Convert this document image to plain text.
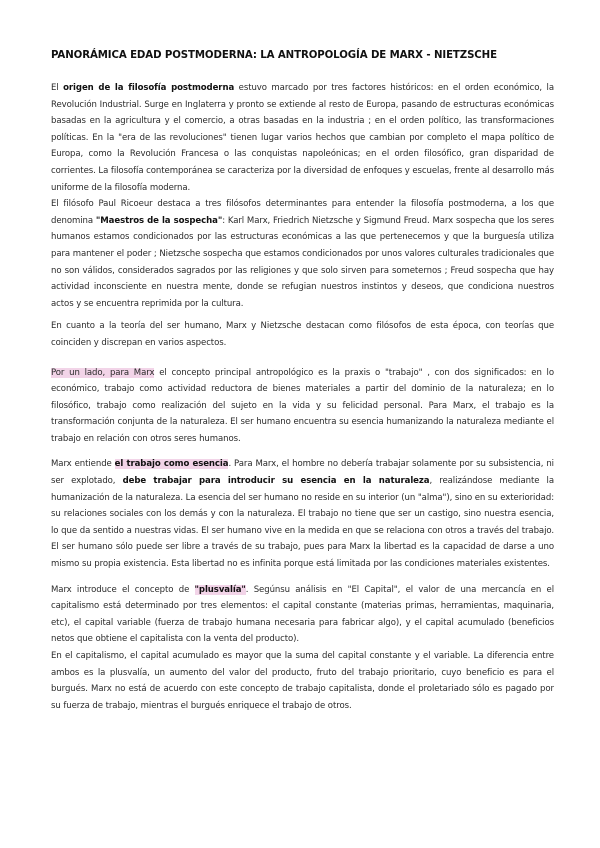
PANORÁMICA EDAD POSTMODERNA: LA ANTROPOLOGÍA DE MARX - NIETZSCHE

El origen de la filosofía postmoderna estuvo marcado por tres factores históricos: en el orden económico, la Revolución Industrial. Surge en Inglaterra y pronto se extiende al resto de Europa, pasando de estructuras económicas basadas en la agricultura y el comercio, a otras basadas en la industria ; en el orden político, las transformaciones políticas. En la "era de las revoluciones" tienen lugar varios hechos que cambian por completo el mapa político de Europa, como la Revolución Francesa o las conquistas napoleónicas; en el orden filosófico, gran disparidad de corrientes. La filosofía contemporánea se caracteriza por la diversidad de enfoques y escuelas, frente al desarrollo más uniforme de la filosofía moderna.

El filósofo Paul Ricoeur destaca a tres filósofos determinantes para entender la filosofía postmoderna, a los que denomina "Maestros de la sospecha": Karl Marx, Friedrich Nietzsche y Sigmund Freud. Marx sospecha que los seres humanos estamos condicionados por las estructuras económicas a las que pertenecemos y que la burguesía utiliza para mantener el poder ; Nietzsche sospecha que estamos condicionados por unos valores culturales tradicionales que no son válidos, considerados sagrados por las religiones y que solo sirven para someternos ; Freud sospecha que hay actividad inconsciente en nuestra mente, donde se refugian nuestros instintos y deseos, que condiciona nuestros actos y se encuentra reprimida por la cultura.

En cuanto a la teoría del ser humano, Marx y Nietzsche destacan como filósofos de esta época, con teorías que coinciden y discrepan en varios aspectos.

Por un lado, para Marx el concepto principal antropológico es la praxis o "trabajo" , con dos significados: en lo económico, trabajo como actividad reductora de bienes materiales a partir del dominio de la naturaleza; en lo filosófico, trabajo como realización del sujeto en la vida y su felicidad personal. Para Marx, el trabajo es la transformación conjunta de la naturaleza. El ser humano encuentra su esencia humanizando la naturaleza mediante el trabajo en relación con otros seres humanos.

Marx entiende el trabajo como esencia. Para Marx, el hombre no debería trabajar solamente por su subsistencia, ni ser explotado, debe trabajar para introducir su esencia en la naturaleza, realizándose mediante la humanización de la naturaleza. La esencia del ser humano no reside en su interior (un "alma"), sino en su exterioridad: su relaciones sociales con los demás y con la naturaleza. El trabajo no tiene que ser un castigo, sino nuestra esencia, lo que da sentido a nuestras vidas. El ser humano vive en la medida en que se relaciona con otros a través del trabajo. El ser humano sólo puede ser libre a través de su trabajo, pues para Marx la libertad es la capacidad de darse a uno mismo su propia existencia. Esta libertad no es infinita porque está limitada por las condiciones materiales existentes.

Marx introduce el concepto de "plusvalía". Segúnsu análisis en "El Capital", el valor de una mercancía en el capitalismo está determinado por tres elementos: el capital constante (materias primas, herramientas, maquinaria, etc), el capital variable (fuerza de trabajo humana necesaria para fabricar algo), y el capital acumulado (beneficios netos que obtiene el capitalista con la venta del producto).

En el capitalismo, el capital acumulado es mayor que la suma del capital constante y el variable. La diferencia entre ambos es la plusvalía, un aumento del valor del producto, fruto del trabajo prioritario, cuyo beneficio es para el burgués. Marx no está de acuerdo con este concepto de trabajo capitalista, donde el proletariado sólo es pagado por su fuerza de trabajo, mientras el burgués enriquece el trabajo de otros.
